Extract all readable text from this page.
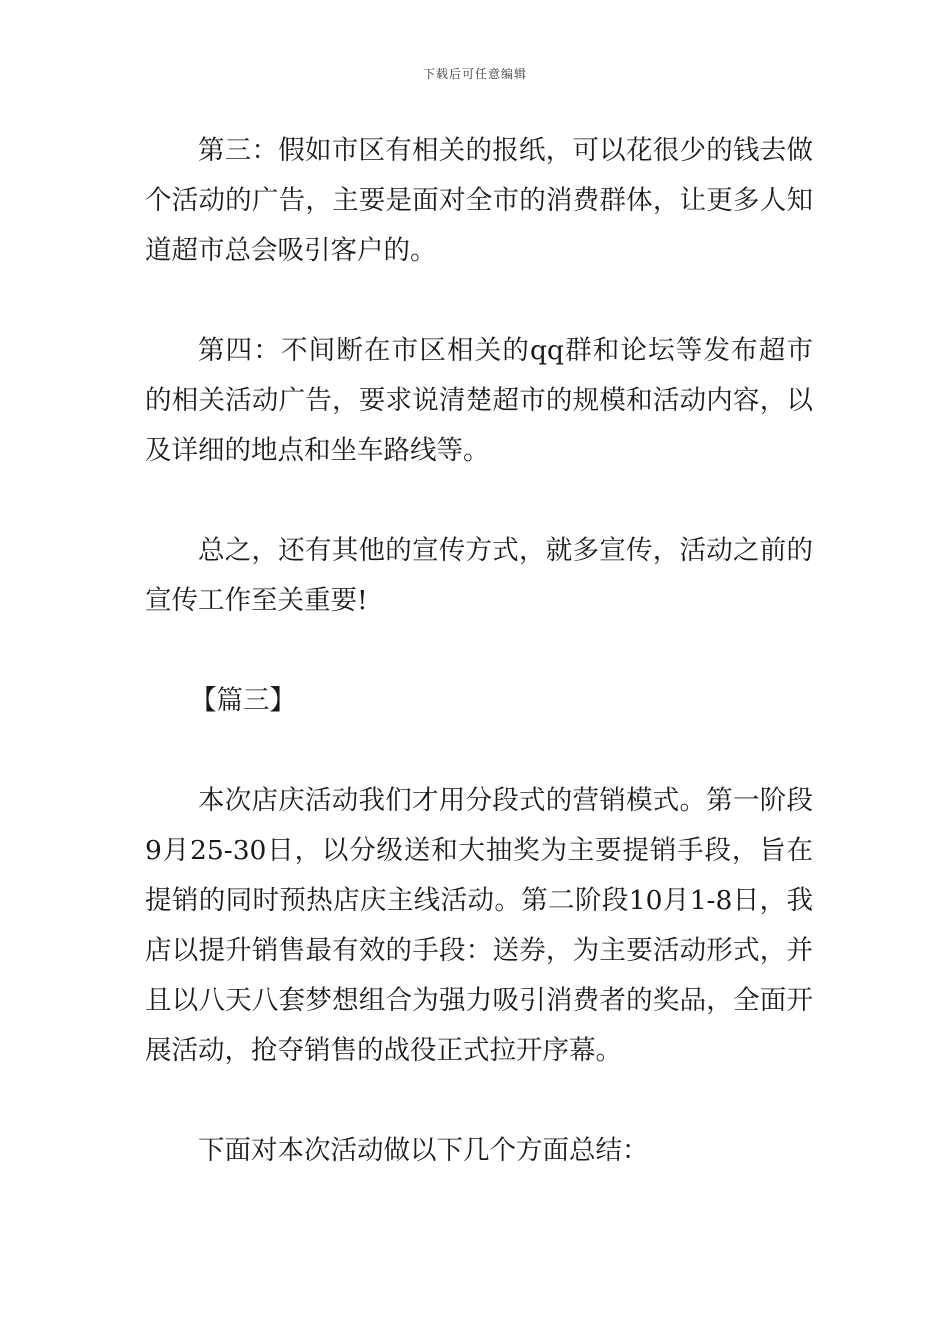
下载后可任意编辑

第三：假如市区有相关的报纸，可以花很少的钱去做个活动的广告，主要是面对全市的消费群体，让更多人知道超市总会吸引客户的。

第四：不间断在市区相关的qq群和论坛等发布超市的相关活动广告，要求说清楚超市的规模和活动内容，以及详细的地点和坐车路线等。

总之，还有其他的宣传方式，就多宣传，活动之前的宣传工作至关重要!

【篇三】

本次店庆活动我们才用分段式的营销模式。第一阶段9月25-30日，以分级送和大抽奖为主要提销手段，旨在提销的同时预热店庆主线活动。第二阶段10月1-8日，我店以提升销售最有效的手段：送券，为主要活动形式，并且以八天八套梦想组合为强力吸引消费者的奖品，全面开展活动，抢夺销售的战役正式拉开序幕。

下面对本次活动做以下几个方面总结：
